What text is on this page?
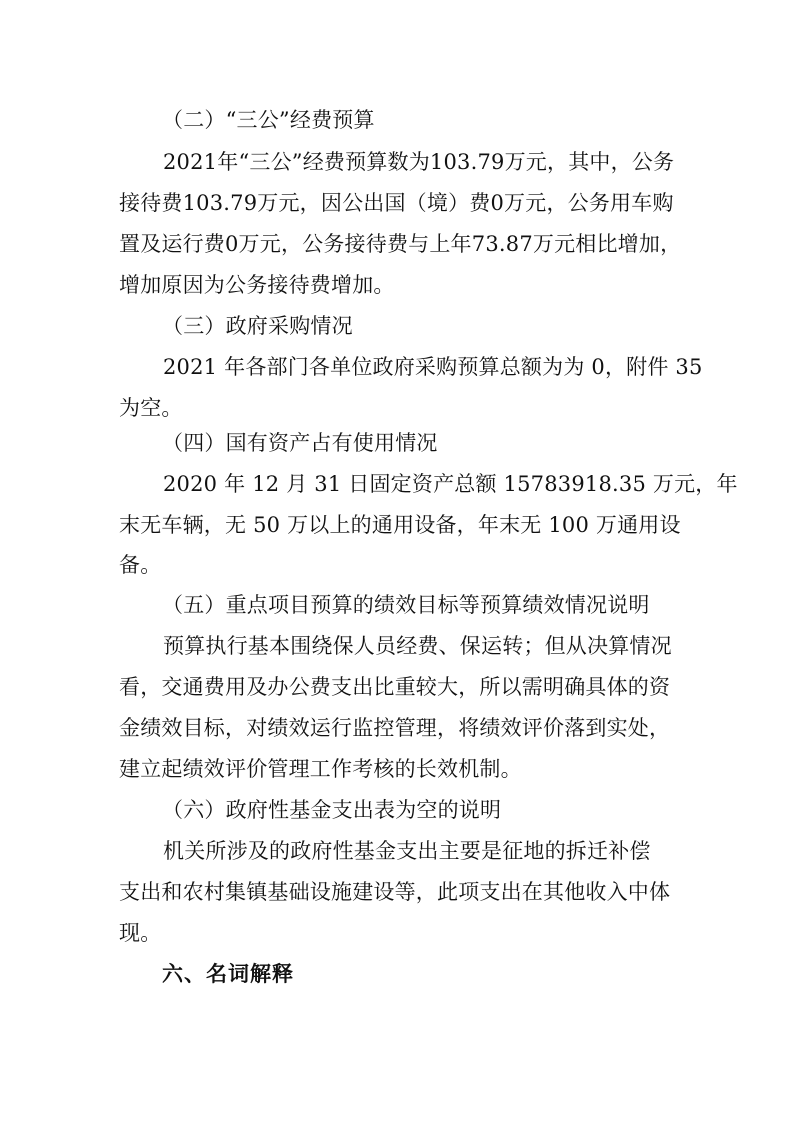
（二）“三公”经费预算
2021年“三公”经费预算数为103.79万元，其中，公务
接待费103.79万元，因公出国（境）费0万元，公务用车购
置及运行费0万元，公务接待费与上年73.87万元相比增加，
增加原因为公务接待费增加。
（三）政府采购情况
2021 年各部门各单位政府采购预算总额为为 0，附件 35
为空。
（四）国有资产占有使用情况
2020 年 12 月 31 日固定资产总额 15783918.35 万元，年
末无车辆，无 50 万以上的通用设备，年末无 100 万通用设
备。
（五）重点项目预算的绩效目标等预算绩效情况说明
预算执行基本围绕保人员经费、保运转；但从决算情况
看，交通费用及办公费支出比重较大，所以需明确具体的资
金绩效目标，对绩效运行监控管理，将绩效评价落到实处，
建立起绩效评价管理工作考核的长效机制。
（六）政府性基金支出表为空的说明
机关所涉及的政府性基金支出主要是征地的拆迁补偿
支出和农村集镇基础设施建设等，此项支出在其他收入中体
现。
六、名词解释
